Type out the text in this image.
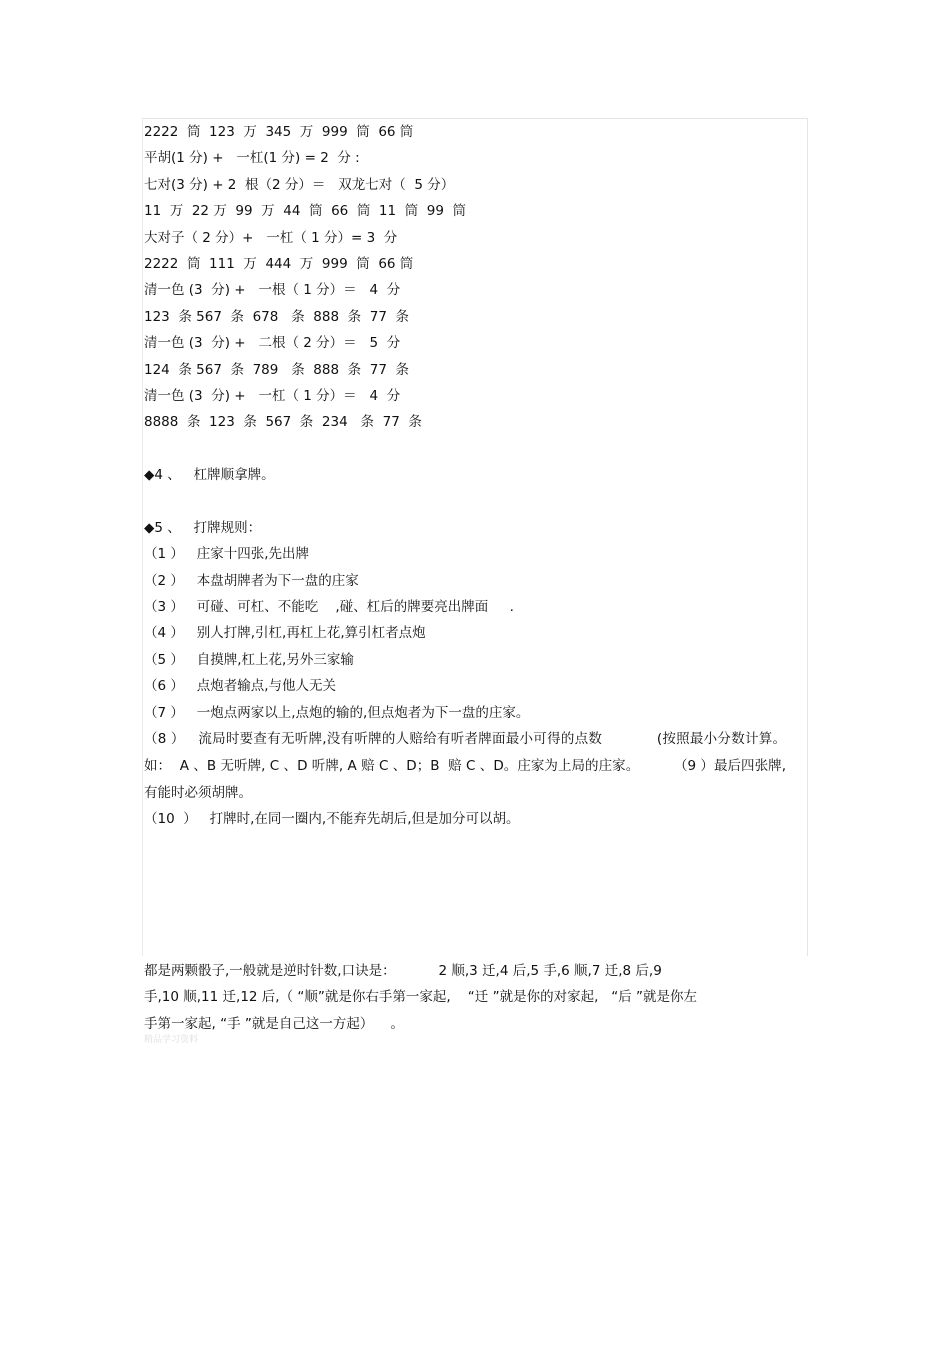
2222  筒  123  万  345  万  999  筒  66 筒
平胡(1 分) +   一杠(1 分) = 2  分 :
七对(3 分) + 2  根（2 分）＝   双龙七对（  5 分）
11  万  22 万  99  万  44  筒  66  筒  11  筒  99  筒
大对子（ 2 分）+   一杠（ 1 分）= 3  分
2222  筒  111  万  444  万  999  筒  66 筒
清一色 (3  分) +   一根（ 1 分）＝   4  分
123  条 567  条  678   条  888  条  77  条
清一色 (3  分) +   二根（ 2 分）＝   5  分
124  条 567  条  789   条  888  条  77  条
清一色 (3  分) +   一杠（ 1 分）＝   4  分
8888  条  123  条  567  条  234   条  77  条
◆4 、   杠牌顺拿牌。
◆5 、   打牌规则：
（1 ）   庄家十四张,先出牌
（2 ）   本盘胡牌者为下一盘的庄家
（3 ）   可碰、可杠、不能吃    ,碰、杠后的牌要亮出牌面     .
（4 ）   别人打牌,引杠,再杠上花,算引杠者点炮
（5 ）   自摸牌,杠上花,另外三家输
（6 ）   点炮者输点,与他人无关
（7 ）   一炮点两家以上,点炮的输的,但点炮者为下一盘的庄家。
（8 ）   流局时要查有无听牌,没有听牌的人赔给有听者牌面最小可得的点数            (按照最小分数计算。如：  A 、B 无听牌, C 、D 听牌, A 赔 C 、D；B  赔 C 、D。庄家为上局的庄家。        （9 ）最后四张牌,有能时必须胡牌。
（10  ）   打牌时,在同一圈内,不能弃先胡后,但是加分可以胡。
都是两颗骰子,一般就是逆时针数,口诀是：          2 顺,3 迁,4 后,5 手,6 顺,7 迁,8 后,9
手,10 顺,11 迁,12 后,（ “顺”就是你右手第一家起,    “迁 ”就是你的对家起,   “后 ”就是你左
手第一家起, “手 ”就是自己这一方起）    。
精品学习资料
